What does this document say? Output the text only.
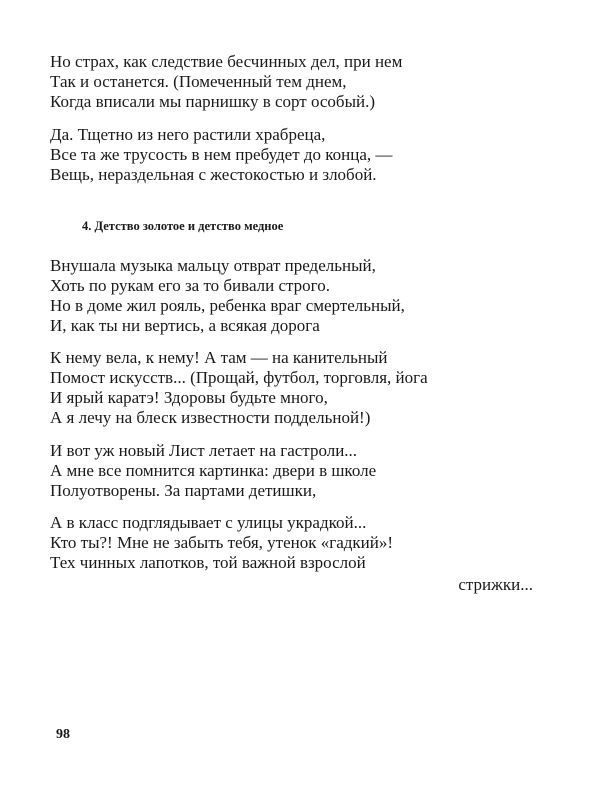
Но страх, как следствие бесчинных дел, при нем
Так и останется. (Помеченный тем днем,
Когда вписали мы парнишку в сорт особый.)
Да. Тщетно из него растили храбреца,
Все та же трусость в нем пребудет до конца, —
Вещь, нераздельная с жестокостью и злобой.
4. Детство золотое и детство медное
Внушала музыка мальцу отврат предельный,
Хоть по рукам его за то бивали строго.
Но в доме жил рояль, ребенка враг смертельный,
И, как ты ни вертись, а всякая дорога
К нему вела, к нему! А там — на канительный
Помост искусств... (Прощай, футбол, торговля, йога
И ярый каратэ! Здоровы будьте много,
А я лечу на блеск известности поддельной!)
И вот уж новый Лист летает на гастроли...
А мне все помнится картинка: двери в школе
Полуотворены. За партами детишки,
А в класс подглядывает с улицы украдкой...
Кто ты?! Мне не забыть тебя, утенок «гадкий»!
Тех чинных лапотков, той важной взрослой
стрижки...
98
